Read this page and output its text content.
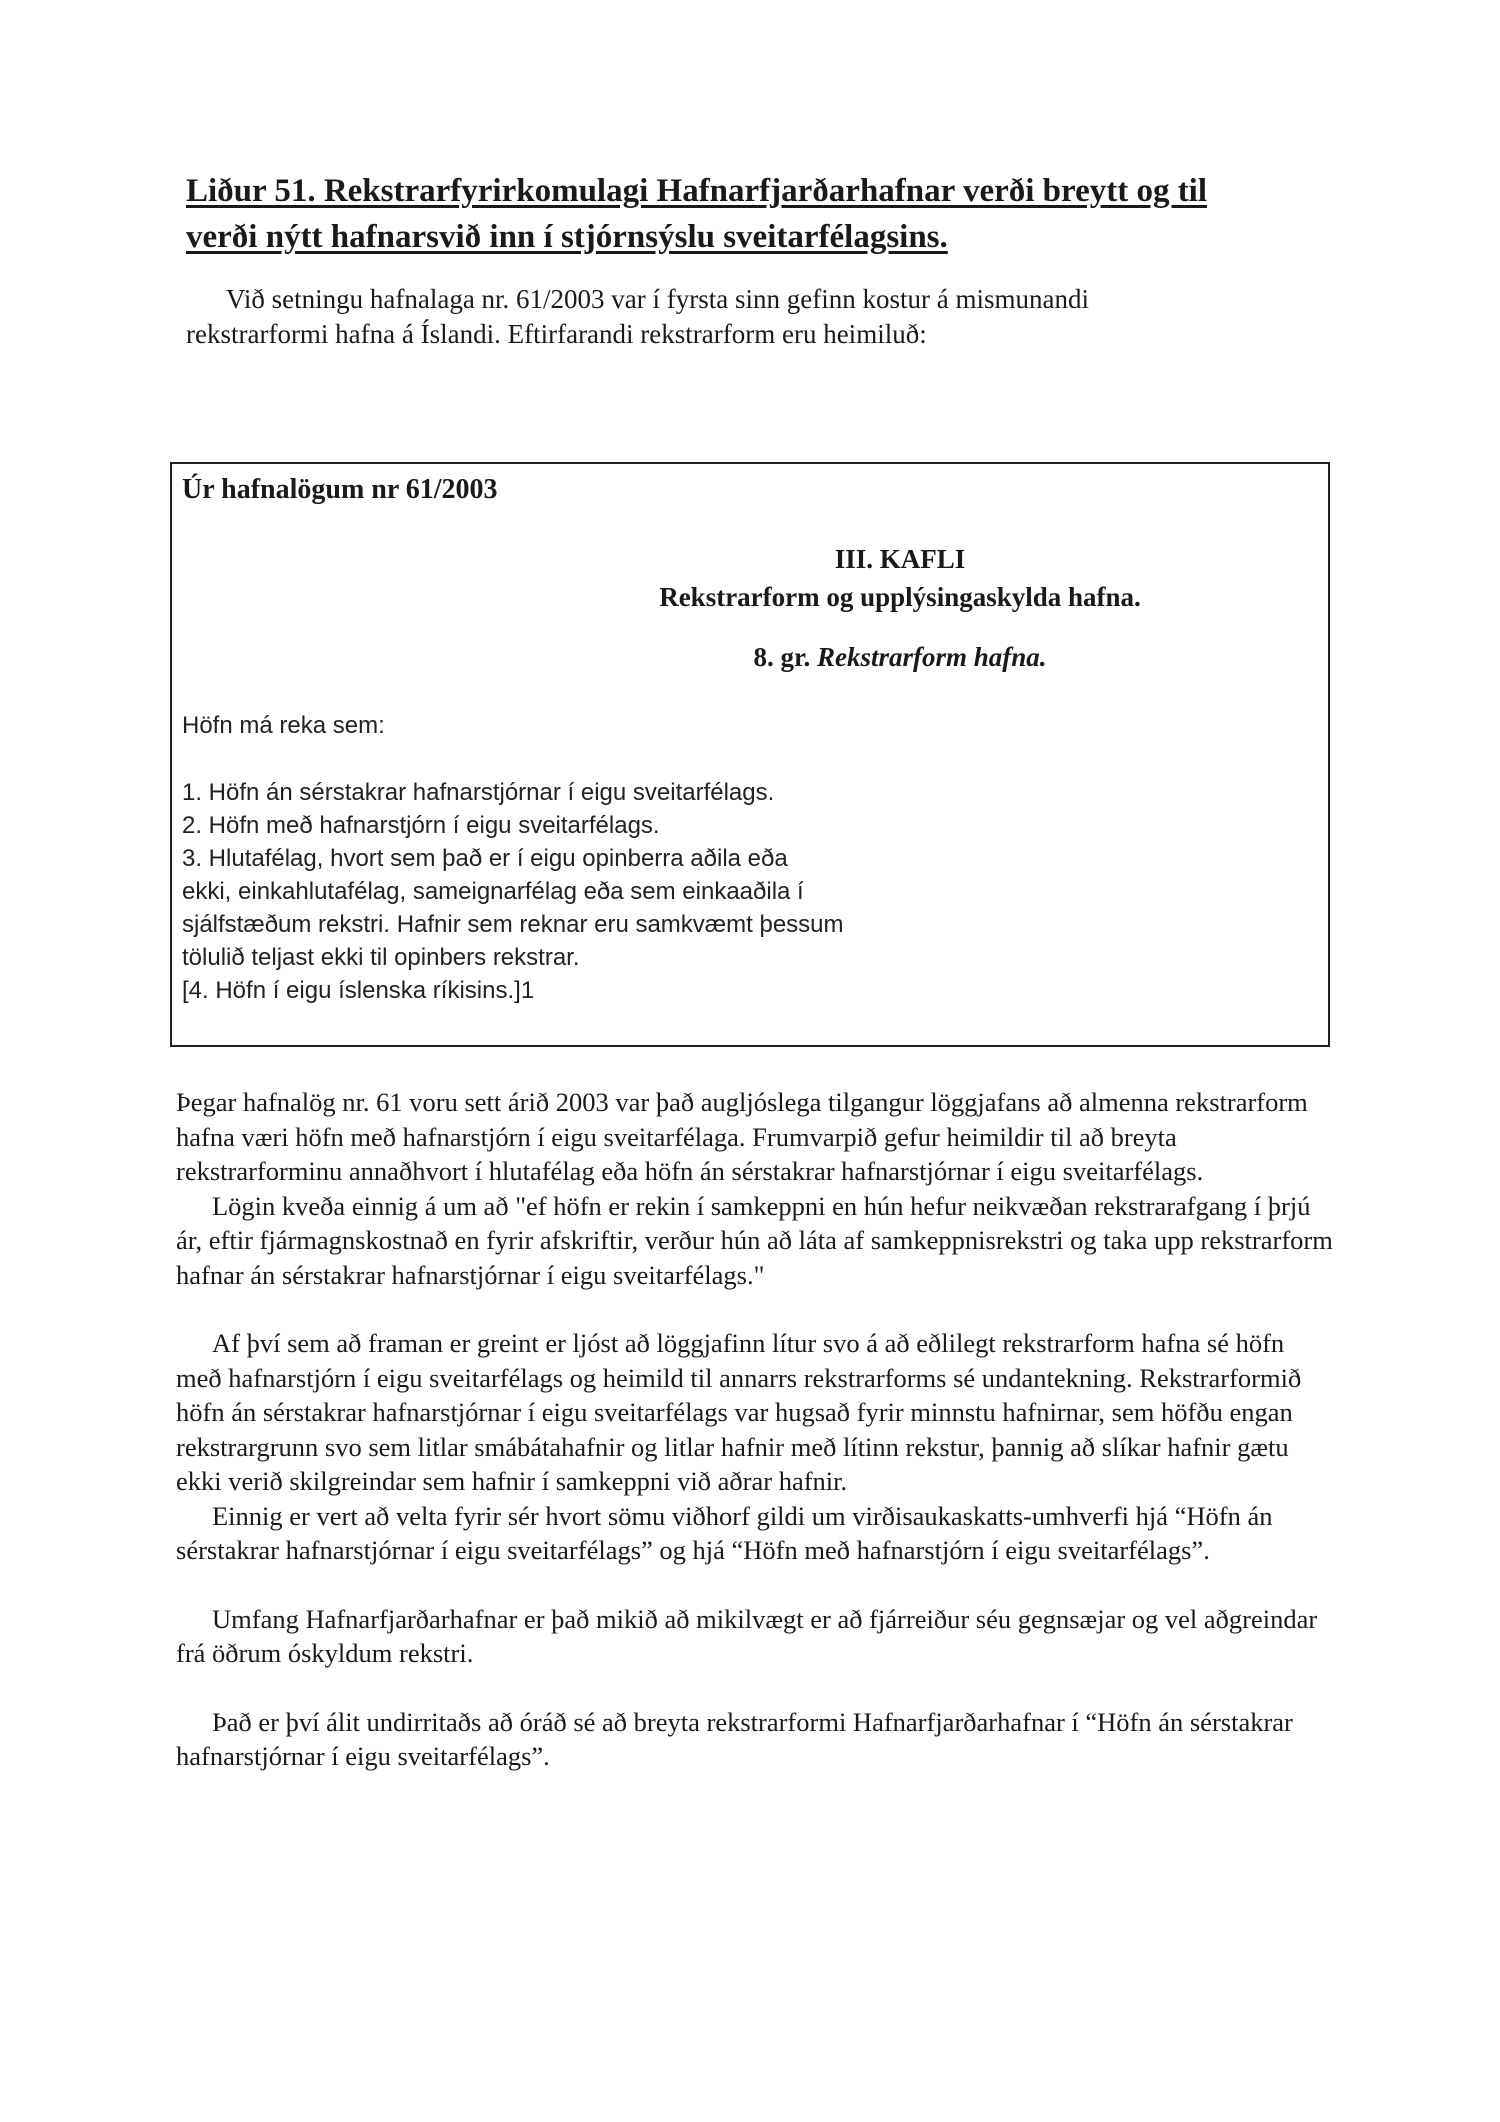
Liður 51. Rekstrarfyrirkomulagi Hafnarfjarðarhafnar verði breytt og til
verði nýtt hafnarsvið inn í stjórnsýslu sveitarfélagsins.
Við setningu hafnalaga nr. 61/2003 var í fyrsta sinn gefinn kostur á mismunandi
rekstrarformi hafna á Íslandi. Eftirfarandi rekstrarform eru heimiluð:
Úr hafnalögum nr 61/2003
III. KAFLI
Rekstrarform og upplýsingaskylda hafna.
8. gr. Rekstrarform hafna.
Höfn má reka sem:
1. Höfn án sérstakrar hafnarstjórnar í eigu sveitarfélags.
2. Höfn með hafnarstjórn í eigu sveitarfélags.
3. Hlutafélag, hvort sem það er í eigu opinberra aðila eða
ekki, einkahlutafélag, sameignarfélag eða sem einkaaðila í
sjálfstæðum rekstri. Hafnir sem reknar eru samkvæmt þessum
tölulið teljast ekki til opinbers rekstrar.
[4. Höfn í eigu íslenska ríkisins.]1

Þegar hafnalög nr. 61 voru sett árið 2003 var það augljóslega tilgangur löggjafans að almenna rekstrarform hafna væri höfn með hafnarstjórn í eigu sveitarfélaga. Frumvarpið gefur heimildir til að breyta rekstrarforminu annaðhvort í hlutafélag eða höfn án sérstakrar hafnarstjórnar í eigu sveitarfélags.

Lögin kveða einnig á um að "ef höfn er rekin í samkeppni en hún hefur neikvæðan rekstrarafgang í þrjú ár, eftir fjármagnskostnað en fyrir afskriftir, verður hún að láta af samkeppnisrekstri og taka upp rekstrarform hafnar án sérstakrar hafnarstjórnar í eigu sveitarfélags."

Af því sem að framan er greint er ljóst að löggjafinn lítur svo á að eðlilegt rekstrarform hafna sé höfn með hafnarstjórn í eigu sveitarfélags og heimild til annarrs rekstrarforms sé undantekning. Rekstrarformið höfn án sérstakrar hafnarstjórnar í eigu sveitarfélags var hugsað fyrir minnstu hafnirnar, sem höfðu engan rekstrargrunn svo sem litlar smábátahafnir og litlar hafnir með lítinn rekstur, þannig að slíkar hafnir gætu ekki verið skilgreindar sem hafnir í samkeppni við aðrar hafnir.

Einnig er vert að velta fyrir sér hvort sömu viðhorf gildi um virðisaukaskatts-umhverfi hjá “Höfn án sérstakrar hafnarstjórnar í eigu sveitarfélags” og hjá “Höfn með hafnarstjórn í eigu sveitarfélags”.

Umfang Hafnarfjarðarhafnar er það mikið að mikilvægt er að fjárreiður séu gegnsæjar og vel aðgreindar frá öðrum óskyldum rekstri.

Það er því álit undirritaðs að óráð sé að breyta rekstrarformi Hafnarfjarðarhafnar í “Höfn án sérstakrar hafnarstjórnar í eigu sveitarfélags”.
